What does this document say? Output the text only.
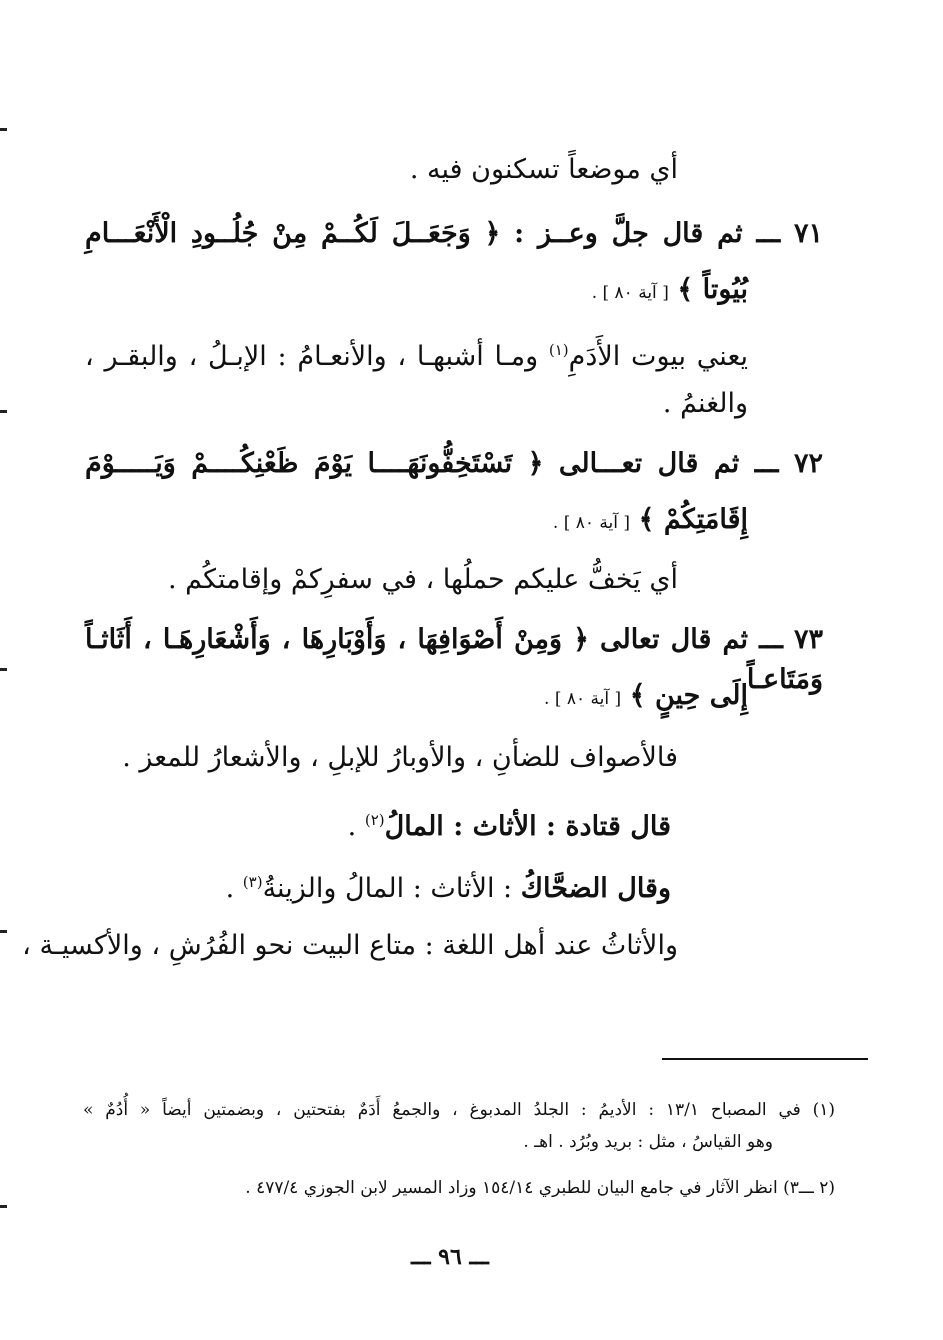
أي موضعاً تسكنون فيه .
٧١ ـــ ثم قال جلَّ وعــز : ﴿ وَجَعَــلَ لَكُــمْ مِنْ جُلُــودِ الْأَنْعَـــامِ
بُيُوتاً ﴾ [ آية ٨٠ ] .
يعني بيوت الأَدَمِ$^{(١)}$ ومـا أشبهـا ، والأنعـامُ : الإبـلُ ، والبقـر ،
والغنمُ .
٧٢ ـــ ثم قال تعـــالى ﴿ تَسْتَخِفُّونَهَــــا يَوْمَ ظَعْنِكُــــمْ وَيَـــــوْمَ
إِقَامَتِكُمْ ﴾ [ آية ٨٠ ] .
أي يَخفُّ عليكم حملُها ، في سفرِكمْ وإقامتكُم .
٧٣ ـــ ثم قال تعالى ﴿ وَمِنْ أَصْوَافِهَا ، وَأَوْبَارِهَا ، وَأَشْعَارِهَـا ، أَثَاثـاً وَمَتَاعـاً
إِلَى حِينٍ ﴾ [ آية ٨٠ ] .
فالأصواف للضأنِ ، والأوبارُ للإبلِ ، والأشعارُ للمعز .
قال قتادة : الأثاث : المالُ$^{(٢)}$ .
وقال الضحَّاكُ : الأثاث : المالُ والزينةُ$^{(٣)}$ .
والأثاثُ عند أهل اللغة : متاع البيت نحو الفُرُشِ ، والأكسيـة ،
(١) في المصباح ١٣/١ : الأديمُ : الجلدُ المدبوغ ، والجمعُ أَدَمٌ بفتحتين ، وبضمتين أيضاً « أُدُمٌ »
وهو القياسُ ، مثل : بريد وبُرُد . اهـ .
(٢ ـــ٣) انظر الآثار في جامع البيان للطبري ١٥٤/١٤ وزاد المسير لابن الجوزي ٤٧٧/٤ .
ـــ ٩٦ ـــ
